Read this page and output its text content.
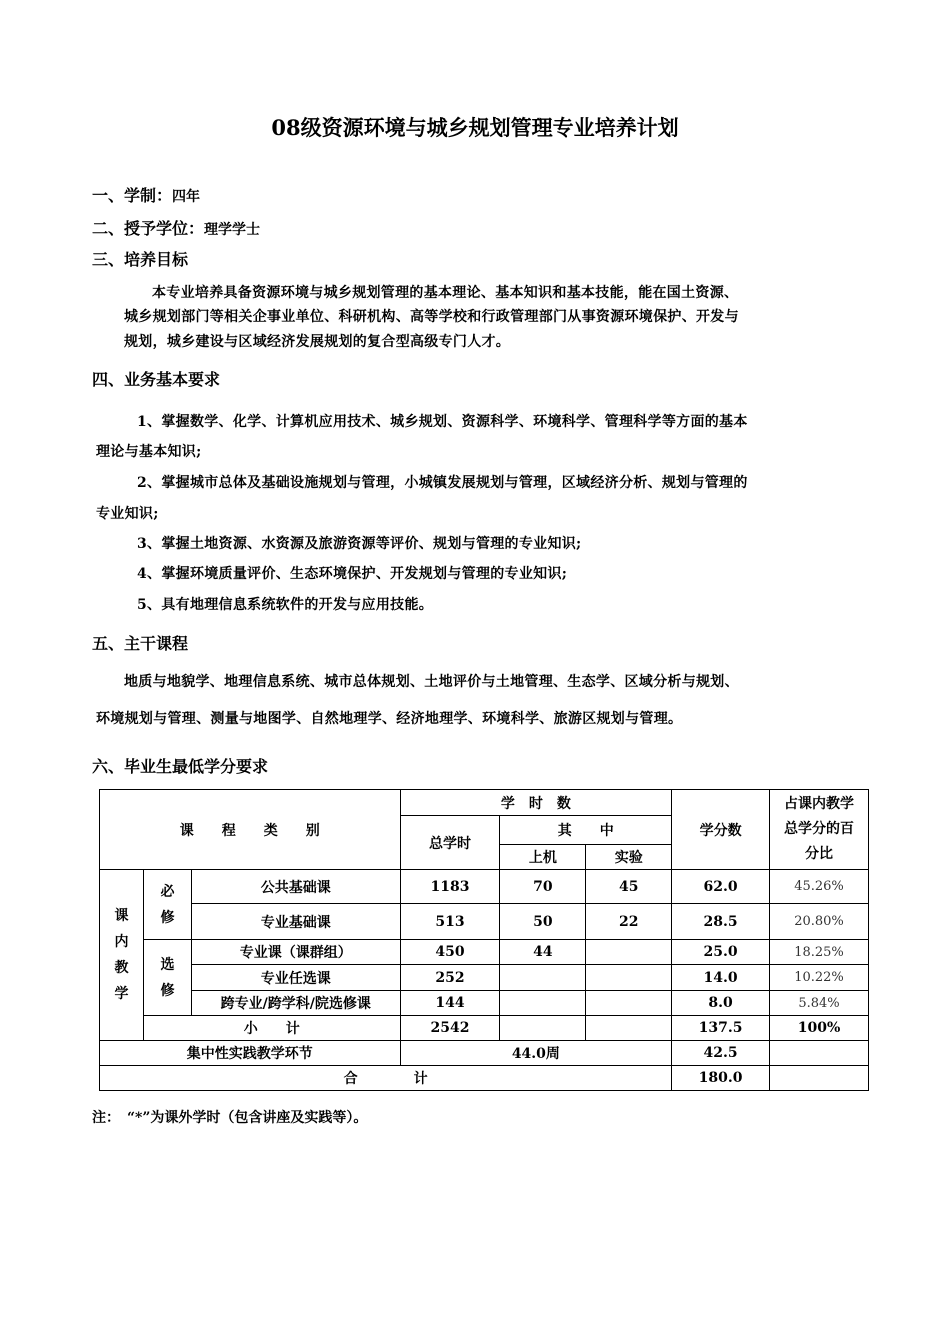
08级资源环境与城乡规划管理专业培养计划
一、学制：四年
二、授予学位：理学学士
三、培养目标
本专业培养具备资源环境与城乡规划管理的基本理论、基本知识和基本技能，能在国土资源、
城乡规划部门等相关企事业单位、科研机构、高等学校和行政管理部门从事资源环境保护、开发与
规划，城乡建设与区域经济发展规划的复合型高级专门人才。
四、业务基本要求
1、掌握数学、化学、计算机应用技术、城乡规划、资源科学、环境科学、管理科学等方面的基本
理论与基本知识;
2、掌握城市总体及基础设施规划与管理，小城镇发展规划与管理，区域经济分析、规划与管理的
专业知识;
3、掌握土地资源、水资源及旅游资源等评价、规划与管理的专业知识;
4、掌握环境质量评价、生态环境保护、开发规划与管理的专业知识;
5、具有地理信息系统软件的开发与应用技能。
五、主干课程
地质与地貌学、地理信息系统、城市总体规划、土地评价与土地管理、生态学、区域分析与规划、
环境规划与管理、测量与地图学、自然地理学、经济地理学、环境科学、旅游区规划与管理。
六、毕业生最低学分要求
课　　程　　类　　别			学　时　数			学分数	占课内教学总学分的百分比
			总学时	其　　中			
				上机	实验		
课内教学	必修	公共基础课	1183	70	45	62.0	45.26%
		专业基础课	513	50	22	28.5	20.80%
	选修	专业课（课群组）	450	44		25.0	18.25%
		专业任选课	252			14.0	10.22%
		跨专业/跨学科/院选修课	144			8.0	5.84%
	小　　计		2542			137.5	100%
集中性实践教学环节			44.0周			42.5	
合　　　　计						180.0	
注：　“*”为课外学时（包含讲座及实践等）。
